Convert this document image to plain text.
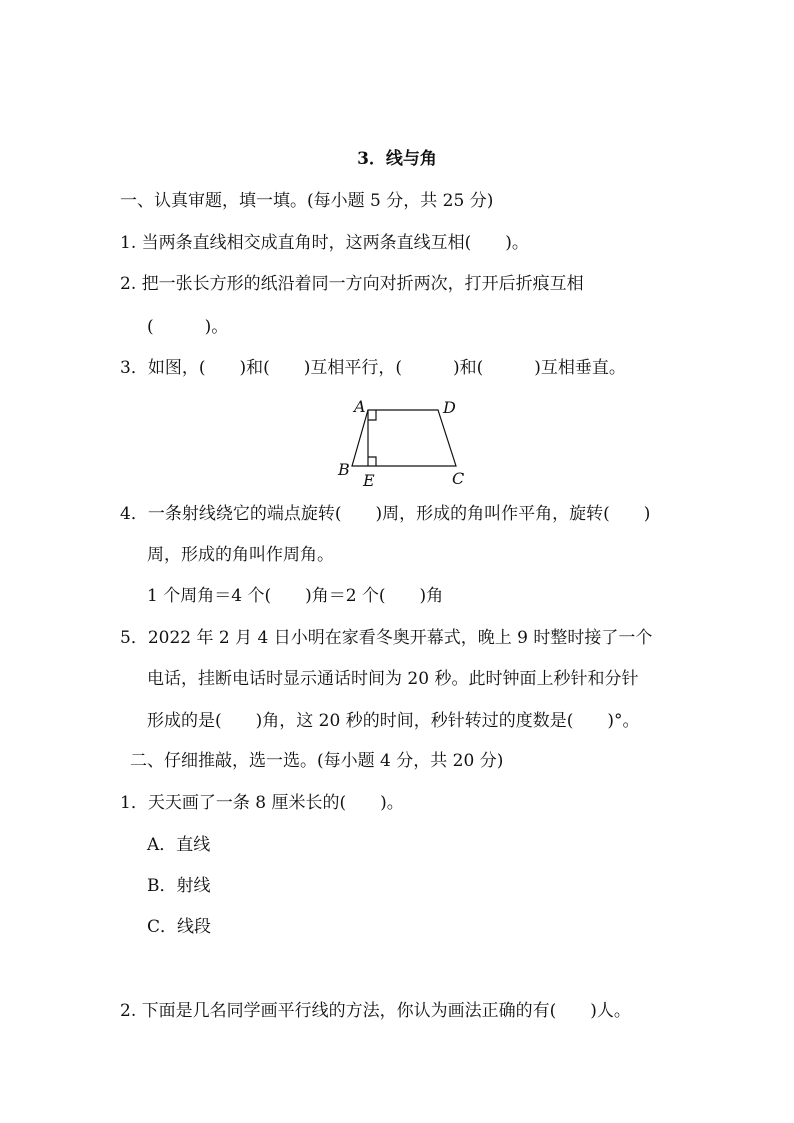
3．线与角
一、认真审题，填一填。(每小题 5 分，共 25 分)
1. 当两条直线相交成直角时，这两条直线互相(　　)。
2. 把一张长方形的纸沿着同一方向对折两次，打开后折痕互相
(　　　)。
3．如图，(　　)和(　　)互相平行，(　　　)和(　　　)互相垂直。
A	D
B
E	C
4．一条射线绕它的端点旋转(　　)周，形成的角叫作平角，旋转(　　)
周，形成的角叫作周角。
1 个周角＝4 个(　　)角＝2 个(　　)角
5．2022 年 2 月 4 日小明在家看冬奥开幕式，晚上 9 时整时接了一个
电话，挂断电话时显示通话时间为 20 秒。此时钟面上秒针和分针
形成的是(　　)角，这 20 秒的时间，秒针转过的度数是(　　)°。
二、仔细推敲，选一选。(每小题 4 分，共 20 分)
1．天天画了一条 8 厘米长的(　　)。
A．直线
B．射线
C．线段
2. 下面是几名同学画平行线的方法，你认为画法正确的有(　　)人。
